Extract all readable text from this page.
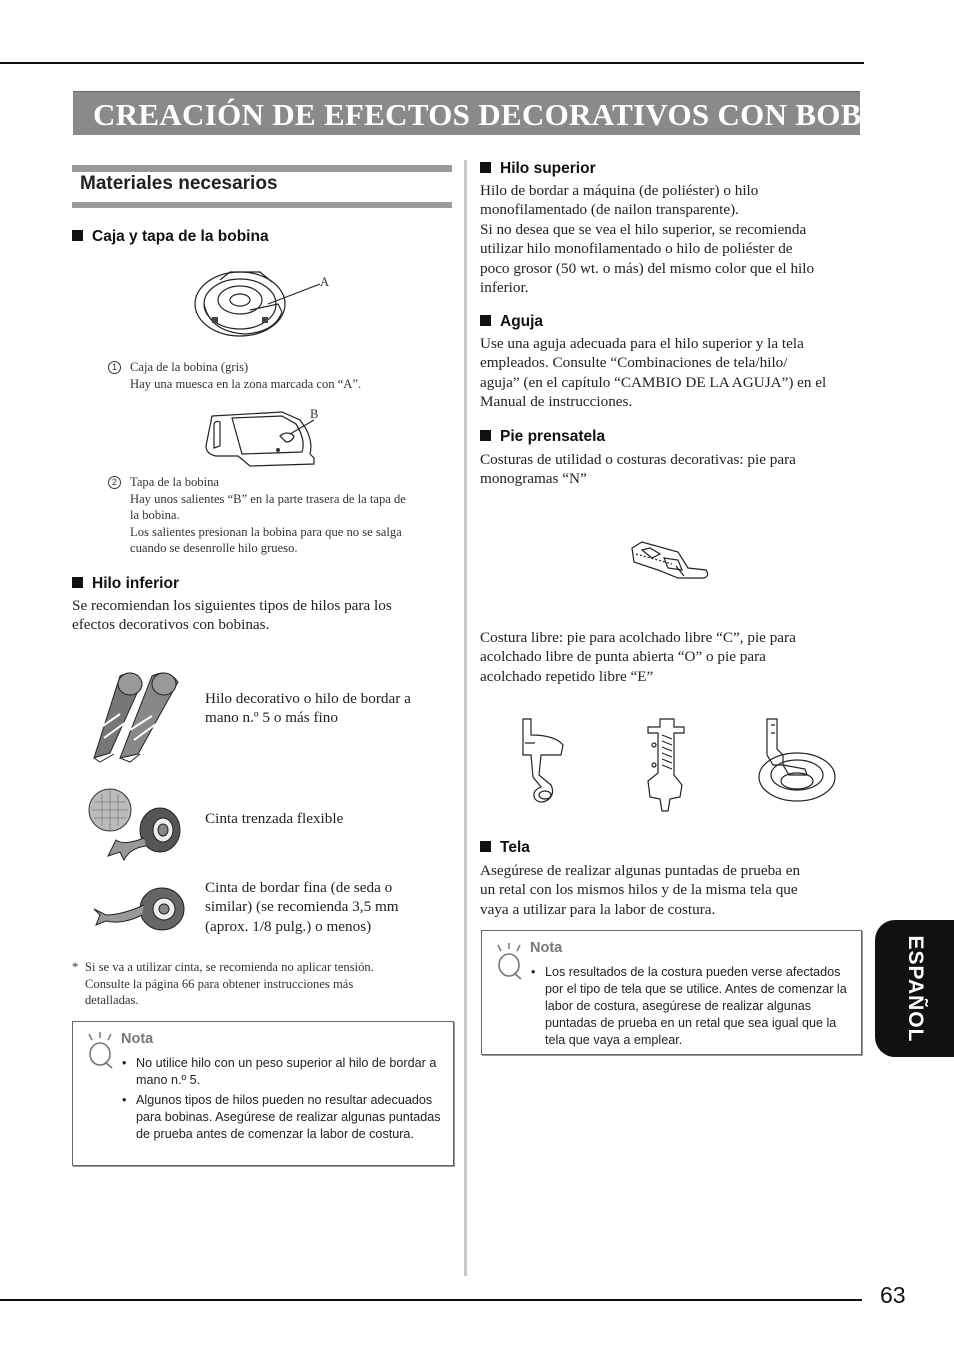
CREACIÓN DE EFECTOS DECORATIVOS CON BOBINAS
Materiales necesarios
Caja y tapa de la bobina
A
1	Caja de la bobina (gris)
Hay una muesca en la zona marcada con “A”.
B
2	Tapa de la bobina
Hay unos salientes “B” en la parte trasera de la tapa de
la bobina.
Los salientes presionan la bobina para que no se salga
cuando se desenrolle hilo grueso.
Hilo inferior
Se recomiendan los siguientes tipos de hilos para los
efectos decorativos con bobinas.
Hilo decorativo o hilo de bordar a
mano n.º 5 o más fino
Cinta trenzada flexible
Cinta de bordar fina (de seda o
similar) (se recomienda 3,5 mm
(aprox. 1/8 pulg.) o menos)
* Si se va a utilizar cinta, se recomienda no aplicar tensión.
Consulte la página 66 para obtener instrucciones más
detalladas.
Nota
• No utilice hilo con un peso superior al hilo de bordar a mano n.º 5.
• Algunos tipos de hilos pueden no resultar adecuados para bobinas. Asegúrese de realizar algunas puntadas de prueba antes de comenzar la labor de costura.
Hilo superior
Hilo de bordar a máquina (de poliéster) o hilo
monofilamentado (de nailon transparente).
Si no desea que se vea el hilo superior, se recomienda
utilizar hilo monofilamentado o hilo de poliéster de
poco grosor (50 wt. o más) del mismo color que el hilo
inferior.
Aguja
Use una aguja adecuada para el hilo superior y la tela
empleados. Consulte “Combinaciones de tela/hilo/
aguja” (en el capítulo “CAMBIO DE LA AGUJA”) en el
Manual de instrucciones.
Pie prensatela
Costuras de utilidad o costuras decorativas: pie para
monogramas “N”
Costura libre: pie para acolchado libre “C”, pie para
acolchado libre de punta abierta “O” o pie para
acolchado repetido libre “E”
Tela
Asegúrese de realizar algunas puntadas de prueba en
un retal con los mismos hilos y de la misma tela que
vaya a utilizar para la labor de costura.
Nota
• Los resultados de la costura pueden verse afectados por el tipo de tela que se utilice. Antes de comenzar la labor de costura, asegúrese de realizar algunas puntadas de prueba en un retal que sea igual que la tela que vaya a emplear.	ESPAÑOL
63
